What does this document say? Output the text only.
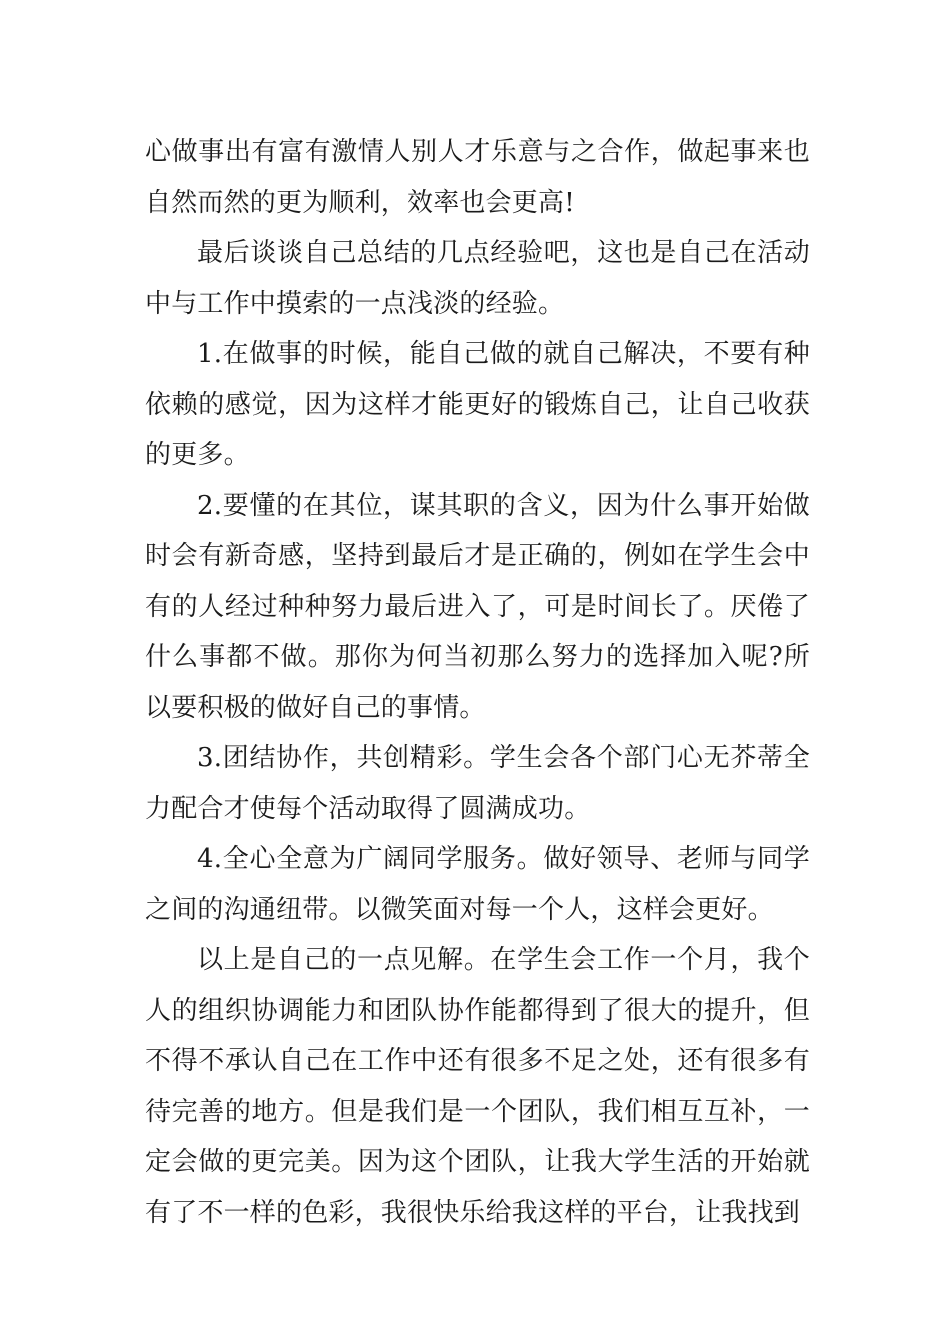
心做事出有富有激情人别人才乐意与之合作，做起事来也自然而然的更为顺利，效率也会更高!

最后谈谈自己总结的几点经验吧，这也是自己在活动中与工作中摸索的一点浅淡的经验。

1.在做事的时候，能自己做的就自己解决，不要有种依赖的感觉，因为这样才能更好的锻炼自己，让自己收获的更多。

2.要懂的在其位，谋其职的含义，因为什么事开始做时会有新奇感，坚持到最后才是正确的，例如在学生会中有的人经过种种努力最后进入了，可是时间长了。厌倦了什么事都不做。那你为何当初那么努力的选择加入呢?所以要积极的做好自己的事情。

3.团结协作，共创精彩。学生会各个部门心无芥蒂全力配合才使每个活动取得了圆满成功。

4.全心全意为广阔同学服务。做好领导、老师与同学之间的沟通纽带。以微笑面对每一个人，这样会更好。

以上是自己的一点见解。在学生会工作一个月，我个人的组织协调能力和团队协作能都得到了很大的提升，但不得不承认自己在工作中还有很多不足之处，还有很多有待完善的地方。但是我们是一个团队，我们相互互补，一定会做的更完美。因为这个团队，让我大学生活的开始就有了不一样的色彩，我很快乐给我这样的平台，让我找到
